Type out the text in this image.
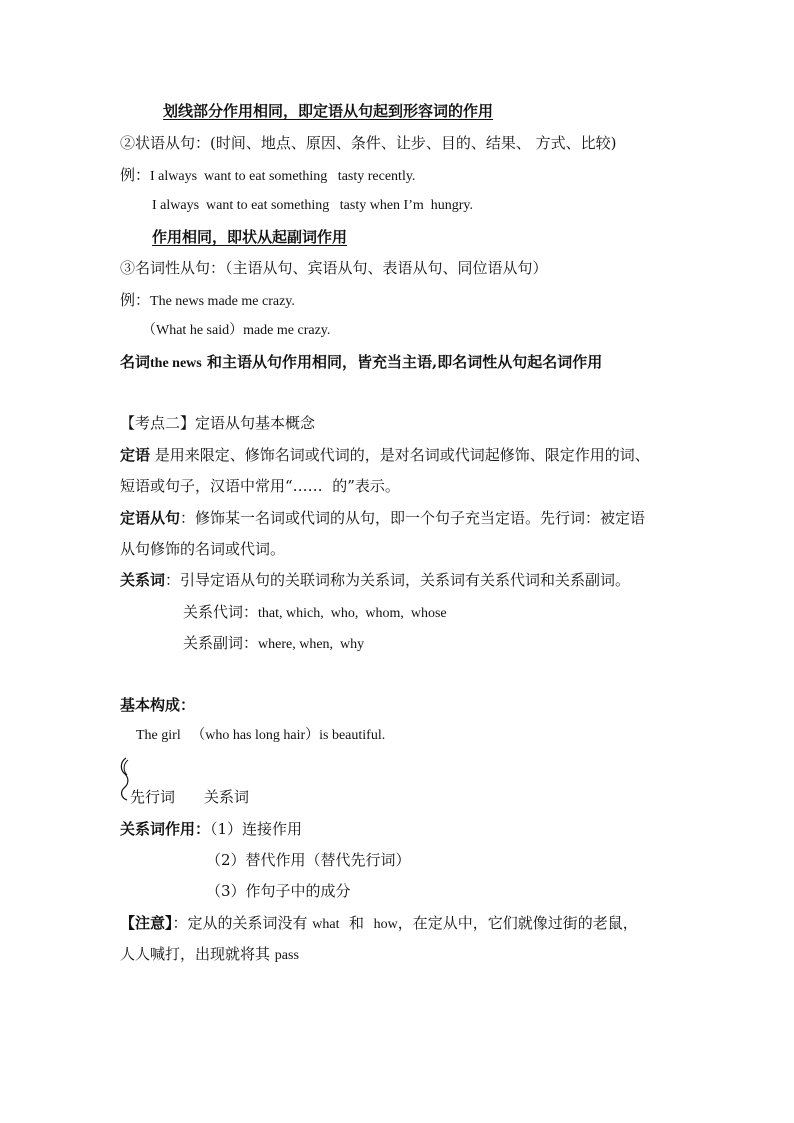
划线部分作用相同，即定语从句起到形容词的作用
②状语从句：(时间、地点、原因、条件、让步、目的、结果、 方式、比较)
例：I always  want to eat something   tasty recently.
I always  want to eat something   tasty when I’m  hungry.
作用相同，即状从起副词作用
③名词性从句：（主语从句、宾语从句、表语从句、同位语从句）
例：The news made me crazy.
（What he said）made me crazy.
名词the news 和主语从句作用相同，皆充当主语,即名词性从句起名词作用
【考点二】定语从句基本概念
定语 是用来限定、修饰名词或代词的，是对名词或代词起修饰、限定作用的词、
短语或句子，汉语中常用“……  的”表示。
定语从句：修饰某一名词或代词的从句，即一个句子充当定语。先行词：被定语
从句修饰的名词或代词。
关系词：引导定语从句的关联词称为关系词，关系词有关系代词和关系副词。
关系代词：that, which,  who,  whom,  whose
关系副词：where, when,  why
基本构成：
The girl   （who has long hair）is beautiful.
先行词 关系词
关系词作用：（1）连接作用
（2）替代作用（替代先行词）
（3）作句子中的成分
【注意】：定从的关系词没有 what  和  how，在定从中，它们就像过街的老鼠，
人人喊打，出现就将其 pass
